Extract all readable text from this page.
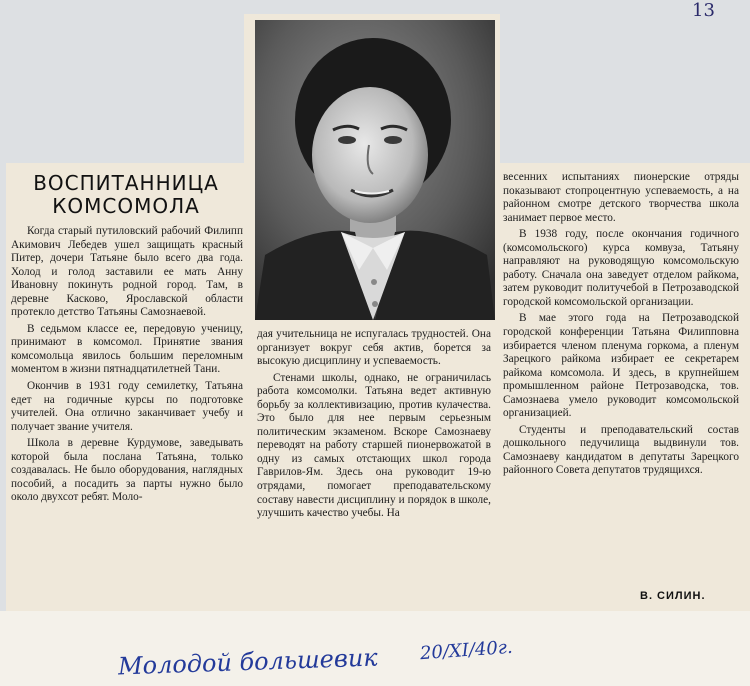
13
ВОСПИТАННИЦА
КОМСОМОЛА

Когда старый путиловский рабочий Филипп Акимович Лебедев ушел защищать красный Питер, дочери Татьяне было всего два года. Холод и голод заставили ее мать Анну Ивановну покинуть родной город. Там, в деревне Касково, Ярославской области протекло детство Татьяны Самознаевой.

В седьмом классе ее, передовую ученицу, принимают в комсомол. Принятие звания комсомольца явилось большим переломным моментом в жизни пятнадцатилетней Тани.

Окончив в 1931 году семилетку, Татьяна едет на годичные курсы по подготовке учителей. Она отлично заканчивает учебу и получает звание учителя.

Школа в деревне Курдумове, заведывать которой была послана Татьяна, только создавалась. Не было оборудования, наглядных пособий, а посадить за парты нужно было около двухсот ребят. Моло-

дая учительница не испугалась трудностей. Она организует вокруг себя актив, борется за высокую дисциплину и успеваемость.

Стенами школы, однако, не ограничилась работа комсомолки. Татьяна ведет активную борьбу за коллективизацию, против кулачества. Это было для нее первым серьезным политическим экзаменом. Вскоре Самознаеву переводят на работу старшей пионервожатой в одну из самых отстающих школ города Гаврилов-Ям. Здесь она руководит 19-ю отрядами, помогает преподавательскому составу навести дисциплину и порядок в школе, улучшить качество учебы. На

весенних испытаниях пионерские отряды показывают стопроцентную успеваемость, а на районном смотре детского творчества школа занимает первое место.

В 1938 году, после окончания годичного (комсомольского) курса комвуза, Татьяну направляют на руководящую комсомольскую работу. Сначала она заведует отделом райкома, затем руководит политучебой в Петрозаводской городской комсомольской организации.

В мае этого года на Петрозаводской городской конференции Татьяна Филипповна избирается членом пленума горкома, а пленум Зарецкого райкома избирает ее секретарем райкома комсомола. И здесь, в крупнейшем промышленном районе Петрозаводска, тов. Самознаева умело руководит комсомольской организацией.

Студенты и преподавательский состав дошкольного педучилища выдвинули тов. Самознаеву кандидатом в депутаты Зарецкого районного Совета депутатов трудящихся.

В. СИЛИН.
Молодой большевик 20/XI/40г.
